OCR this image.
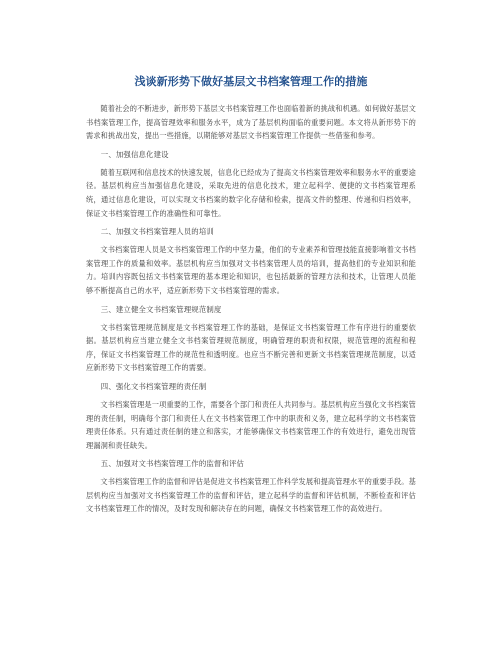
浅谈新形势下做好基层文书档案管理工作的措施

随着社会的不断进步，新形势下基层文书档案管理工作也面临着新的挑战和机遇。如何做好基层文书档案管理工作，提高管理效率和服务水平，成为了基层机构面临的重要问题。本文将从新形势下的需求和挑战出发，提出一些措施，以期能够对基层文书档案管理工作提供一些借鉴和参考。

一、加强信息化建设

随着互联网和信息技术的快速发展，信息化已经成为了提高文书档案管理效率和服务水平的重要途径。基层机构应当加强信息化建设，采取先进的信息化技术，建立起科学、便捷的文书档案管理系统，通过信息化建设，可以实现文书档案的数字化存储和检索，提高文件的整理、传递和归档效率，保证文书档案管理工作的准确性和可靠性。

二、加强文书档案管理人员的培训

文书档案管理人员是文书档案管理工作的中坚力量，他们的专业素养和管理技能直接影响着文书档案管理工作的质量和效率。基层机构应当加强对文书档案管理人员的培训，提高他们的专业知识和能力。培训内容既包括文书档案管理的基本理论和知识，也包括最新的管理方法和技术，让管理人员能够不断提高自己的水平，适应新形势下文书档案管理的需求。

三、建立健全文书档案管理规范制度

文书档案管理规范制度是文书档案管理工作的基础，是保证文书档案管理工作有序进行的重要依据。基层机构应当建立健全文书档案管理规范制度，明确管理的职责和权限，规范管理的流程和程序，保证文书档案管理工作的规范性和透明度。也应当不断完善和更新文书档案管理规范制度，以适应新形势下文书档案管理工作的需要。

四、强化文书档案管理的责任制

文书档案管理是一项重要的工作，需要各个部门和责任人共同参与。基层机构应当强化文书档案管理的责任制，明确每个部门和责任人在文书档案管理工作中的职责和义务，建立起科学的文书档案管理责任体系。只有通过责任制的建立和落实，才能够确保文书档案管理工作的有效进行，避免出现管理漏洞和责任缺失。

五、加强对文书档案管理工作的监督和评估

文书档案管理工作的监督和评估是促进文书档案管理工作科学发展和提高管理水平的重要手段。基层机构应当加强对文书档案管理工作的监督和评估，建立起科学的监督和评估机制，不断检查和评估文书档案管理工作的情况，及时发现和解决存在的问题，确保文书档案管理工作的高效进行。
